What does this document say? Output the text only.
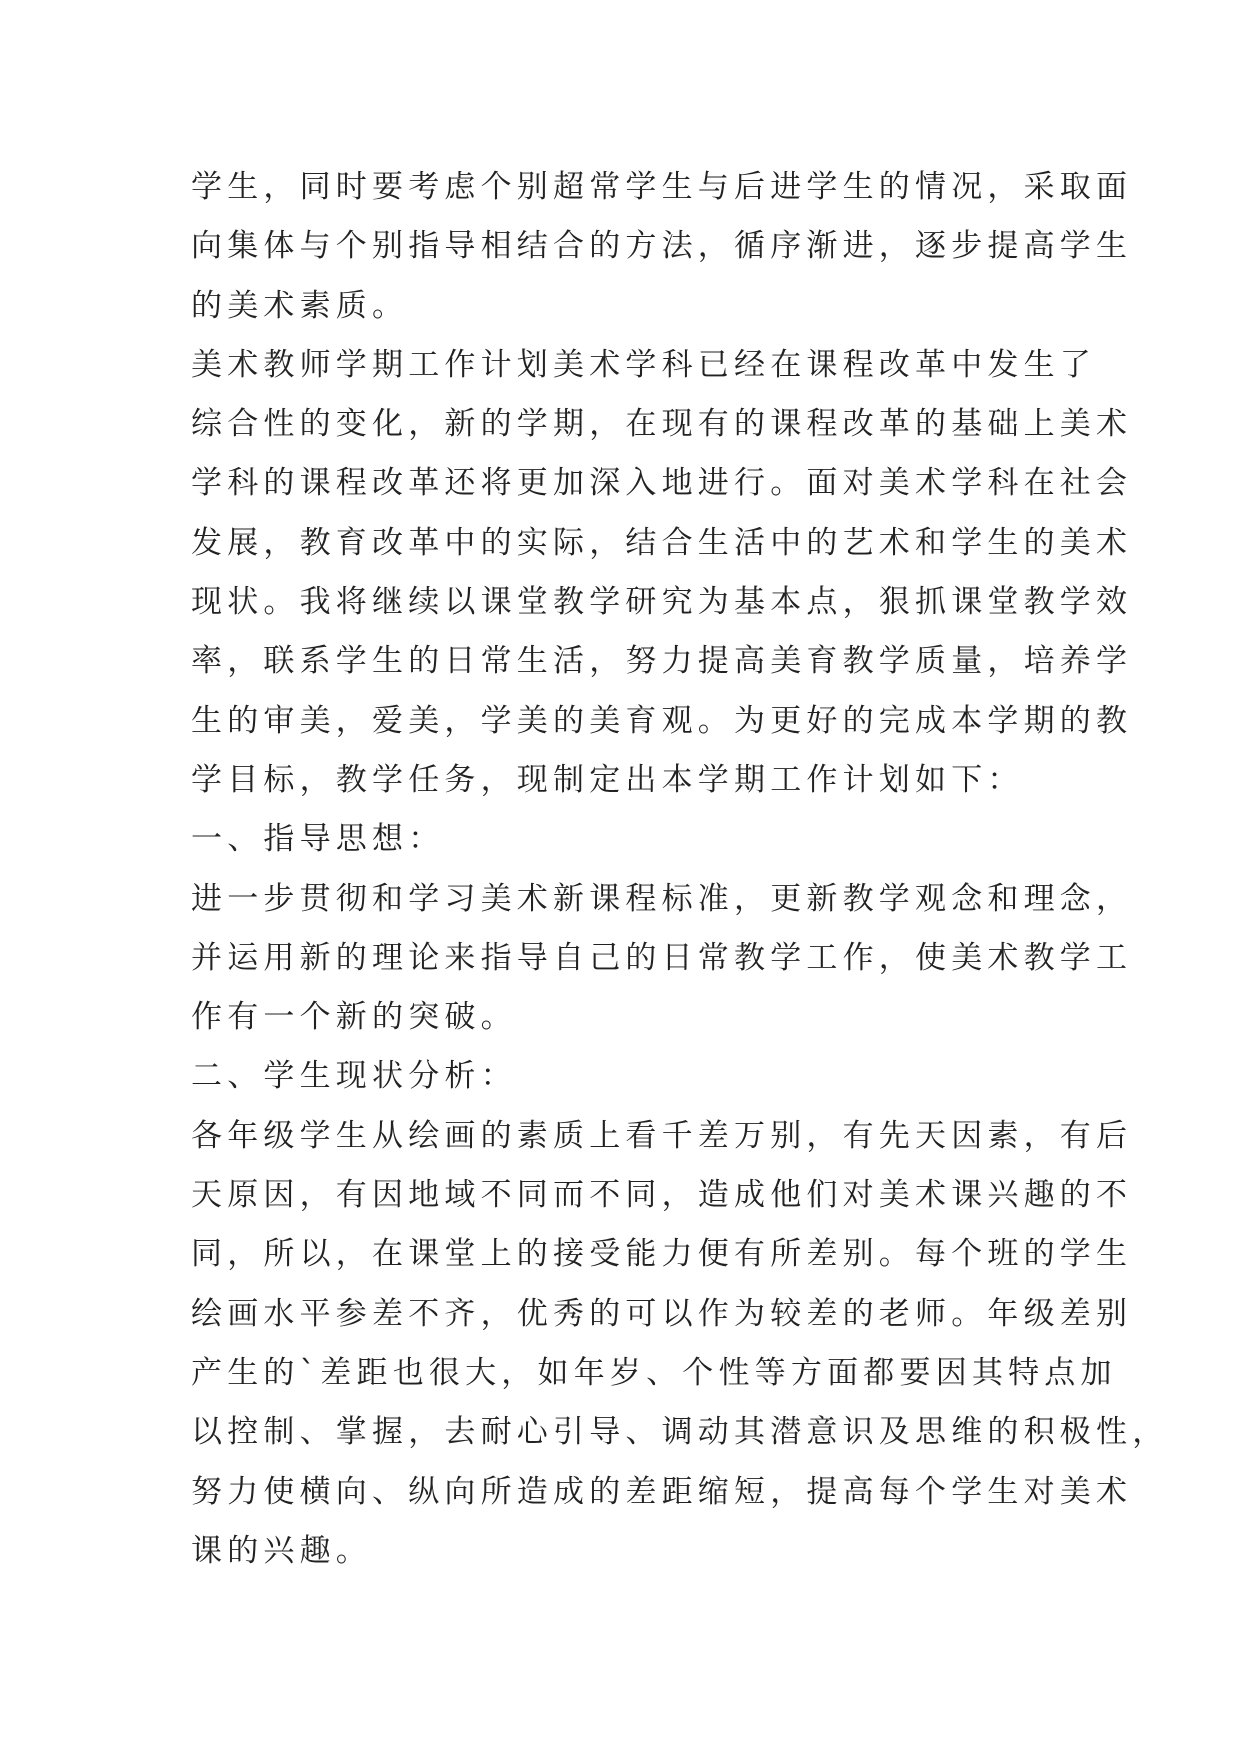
学生，同时要考虑个别超常学生与后进学生的情况，采取面
向集体与个别指导相结合的方法，循序渐进，逐步提高学生
的美术素质。
美术教师学期工作计划美术学科已经在课程改革中发生了
综合性的变化，新的学期，在现有的课程改革的基础上美术
学科的课程改革还将更加深入地进行。面对美术学科在社会
发展，教育改革中的实际，结合生活中的艺术和学生的美术
现状。我将继续以课堂教学研究为基本点，狠抓课堂教学效
率，联系学生的日常生活，努力提高美育教学质量，培养学
生的审美，爱美，学美的美育观。为更好的完成本学期的教
学目标，教学任务，现制定出本学期工作计划如下：
一、指导思想：
进一步贯彻和学习美术新课程标准，更新教学观念和理念，
并运用新的理论来指导自己的日常教学工作，使美术教学工
作有一个新的突破。
二、学生现状分析：
各年级学生从绘画的素质上看千差万别，有先天因素，有后
天原因，有因地域不同而不同，造成他们对美术课兴趣的不
同，所以，在课堂上的接受能力便有所差别。每个班的学生
绘画水平参差不齐，优秀的可以作为较差的老师。年级差别
产生的`差距也很大，如年岁、个性等方面都要因其特点加
以控制、掌握，去耐心引导、调动其潜意识及思维的积极性，
努力使横向、纵向所造成的差距缩短，提高每个学生对美术
课的兴趣。
